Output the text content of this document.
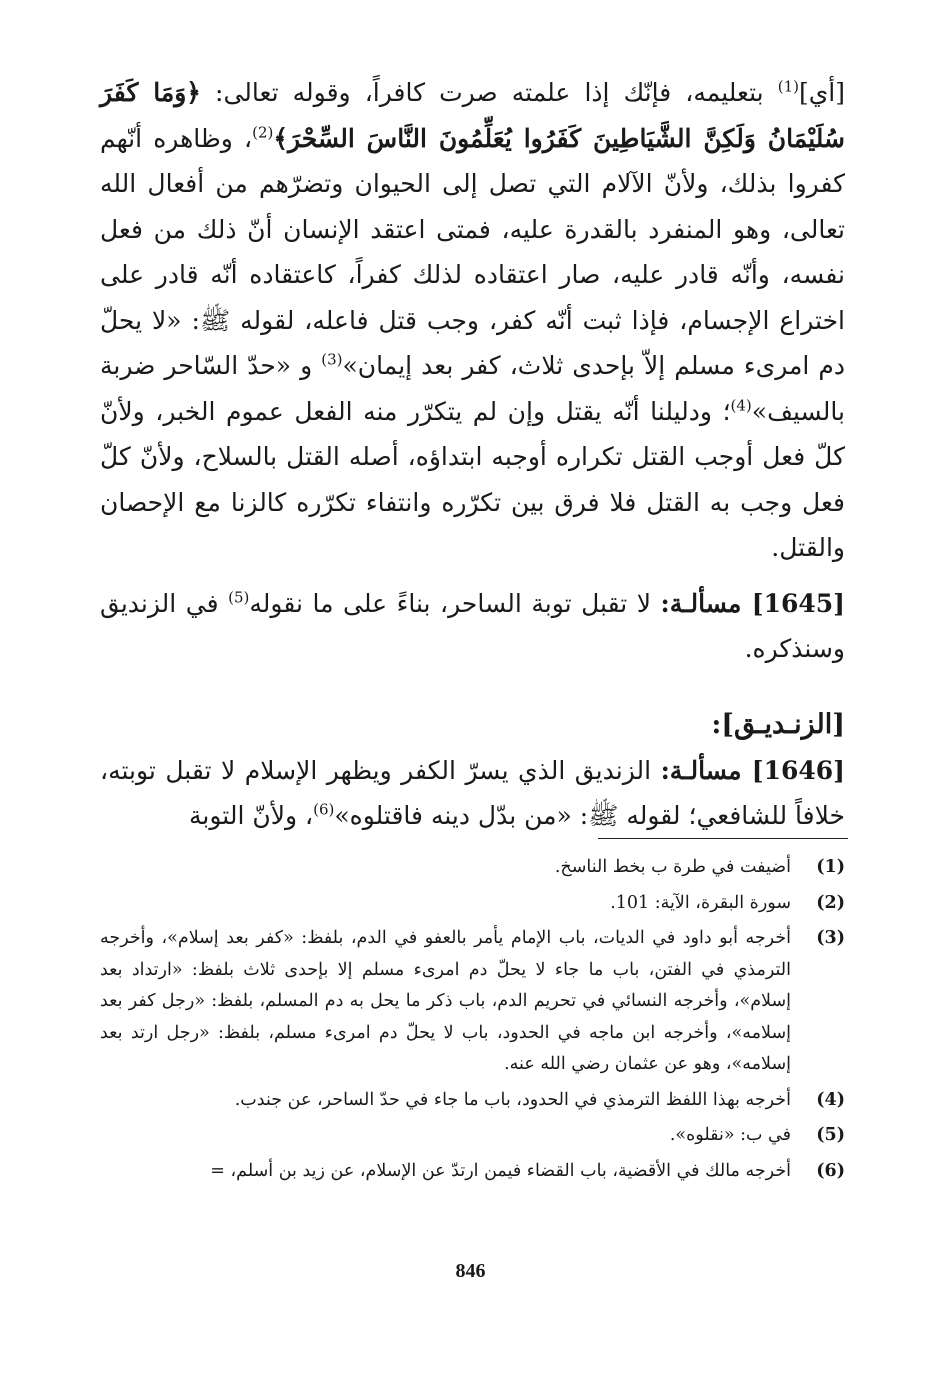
[أي]$^{(1)}$ بتعليمه، فإنّك إذا علمته صرت كافراً، وقوله تعالى: ﴿وَمَا كَفَرَ سُلَيْمَانُ وَلَكِنَّ الشَّيَاطِينَ كَفَرُوا يُعَلِّمُونَ النَّاسَ السِّحْرَ﴾$^{(2)}$، وظاهره أنّهم كفروا بذلك، ولأنّ الآلام التي تصل إلى الحيوان وتضرّهم من أفعال الله تعالى، وهو المنفرد بالقدرة عليه، فمتى اعتقد الإنسان أنّ ذلك من فعل نفسه، وأنّه قادر عليه، صار اعتقاده لذلك كفراً، كاعتقاده أنّه قادر على اختراع الإجسام، فإذا ثبت أنّه كفر، وجب قتل فاعله، لقوله ﷺ: «لا يحلّ دم امرىء مسلم إلاّ بإحدى ثلاث، كفر بعد إيمان»$^{(3)}$ و «حدّ السّاحر ضربة بالسيف»$^{(4)}$؛ ودليلنا أنّه يقتل وإن لم يتكرّر منه الفعل عموم الخبر، ولأنّ كلّ فعل أوجب القتل تكراره أوجبه ابتداؤه، أصله القتل بالسلاح، ولأنّ كلّ فعل وجب به القتل فلا فرق بين تكرّره وانتفاء تكرّره كالزنا مع الإحصان والقتل.

[1645] مسألـة: لا تقبل توبة الساحر، بناءً على ما نقوله$^{(5)}$ في الزنديق وسنذكره.

[الزنـديـق]:

[1646] مسألـة: الزنديق الذي يسرّ الكفر ويظهر الإسلام لا تقبل توبته، خلافاً للشافعي؛ لقوله ﷺ: «من بدّل دينه فاقتلوه»$^{(6)}$، ولأنّ التوبة

(1)
أضيفت في طرة ب بخط الناسخ.
(2)
سورة البقرة، الآية: 101.
(3)
أخرجه أبو داود في الديات، باب الإمام يأمر بالعفو في الدم، بلفظ: «كفر بعد إسلام»، وأخرجه الترمذي في الفتن، باب ما جاء لا يحلّ دم امرىء مسلم إلا بإحدى ثلاث بلفظ: «ارتداد بعد إسلام»، وأخرجه النسائي في تحريم الدم، باب ذكر ما يحل به دم المسلم، بلفظ: «رجل كفر بعد إسلامه»، وأخرجه ابن ماجه في الحدود، باب لا يحلّ دم امرىء مسلم، بلفظ: «رجل ارتد بعد إسلامه»، وهو عن عثمان رضي الله عنه.
(4)
أخرجه بهذا اللفظ الترمذي في الحدود، باب ما جاء في حدّ الساحر، عن جندب.
(5)
في ب: «نقلوه».
(6)
أخرجه مالك في الأقضية، باب القضاء فيمن ارتدّ عن الإسلام، عن زيد بن أسلم، =
846
